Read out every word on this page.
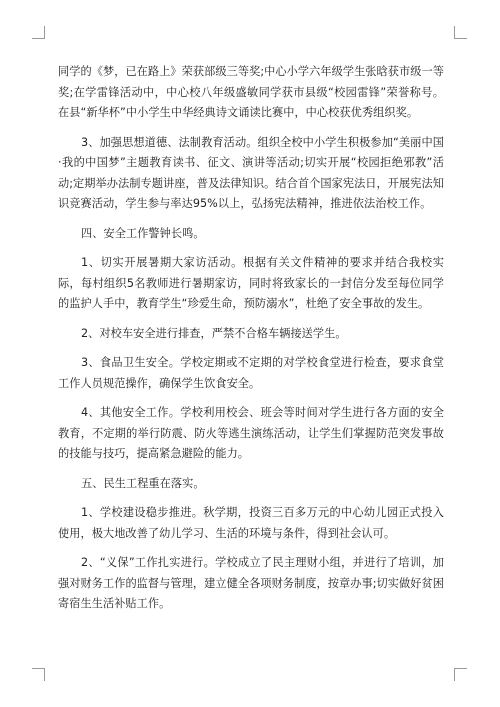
同学的《梦，已在路上》荣获部级三等奖;中心小学六年级学生张晗获市级一等奖;在学雷锋活动中，中心校八年级盛敏同学获市县级“校园雷锋”荣誉称号。在县“新华杯”中小学生中华经典诗文诵读比赛中，中心校获优秀组织奖。

3、加强思想道德、法制教育活动。组织全校中小学生积极参加“美丽中国·我的中国梦”主题教育读书、征文、演讲等活动;切实开展“校园拒绝邪教”活动;定期举办法制专题讲座，普及法律知识。结合首个国家宪法日，开展宪法知识竞赛活动，学生参与率达95%以上，弘扬宪法精神，推进依法治校工作。

四、安全工作警钟长鸣。

1、切实开展暑期大家访活动。根据有关文件精神的要求并结合我校实际，每村组织5名教师进行暑期家访，同时将致家长的一封信分发至每位同学的监护人手中，教育学生“珍爱生命，预防溺水”，杜绝了安全事故的发生。

2、对校车安全进行排查，严禁不合格车辆接送学生。

3、食品卫生安全。学校定期或不定期的对学校食堂进行检查，要求食堂工作人员规范操作，确保学生饮食安全。

4、其他安全工作。学校利用校会、班会等时间对学生进行各方面的安全教育，不定期的举行防震、防火等逃生演练活动，让学生们掌握防范突发事故的技能与技巧，提高紧急避险的能力。

五、民生工程重在落实。

1、学校建设稳步推进。秋学期，投资三百多万元的中心幼儿园正式投入使用，极大地改善了幼儿学习、生活的环境与条件，得到社会认可。

2、“义保”工作扎实进行。学校成立了民主理财小组，并进行了培训，加强对财务工作的监督与管理，建立健全各项财务制度，按章办事;切实做好贫困寄宿生生活补贴工作。
